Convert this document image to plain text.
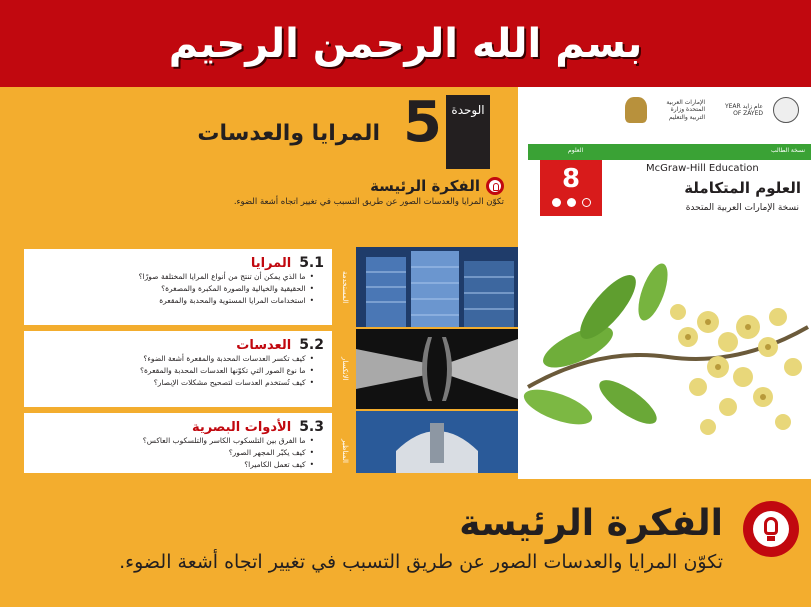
بسم الله الرحمن الرحيم
الوحدة
5
المرايا والعدسات
الفكرة الرئيسة
تكوّن المرايا والعدسات الصور عن طريق التسبب في تغيير اتجاه أشعة الضوء.
5.1
المرايا
• ما الذي يمكن أن تنتج من أنواع المرايا المختلفة صورًا؟
• الحقيقية والخيالية والصورة المكبرة والمصغرة؟
• استخدامات المرايا المستوية والمحدبة والمقعرة	المستخدمة
5.2
العدسات
• كيف تكسر العدسات المحدبة والمقعرة أشعة الضوء؟
• ما نوع الصور التي تكوّنها العدسات المحدبة والمقعرة؟
• كيف تُستخدم العدسات لتصحيح مشكلات الإبصار؟
الانكسار
5.3
الأدوات البصرية
• ما الفرق بين التلسكوب الكاسر والتلسكوب العاكس؟
• كيف يكبّر المجهر الصور؟
• كيف تعمل الكاميرا؟
المناظير
عام زايد YEAR OF ZAYED
الإمارات العربية المتحدة وزارة التربية والتعليم
العلوم	نسخة الطالب
8	McGraw-Hill Education
العلوم المتكاملة
نسخة الإمارات العربية المتحدة
الفكرة الرئيسة
تكوّن المرايا والعدسات الصور عن طريق التسبب في تغيير اتجاه أشعة الضوء.
